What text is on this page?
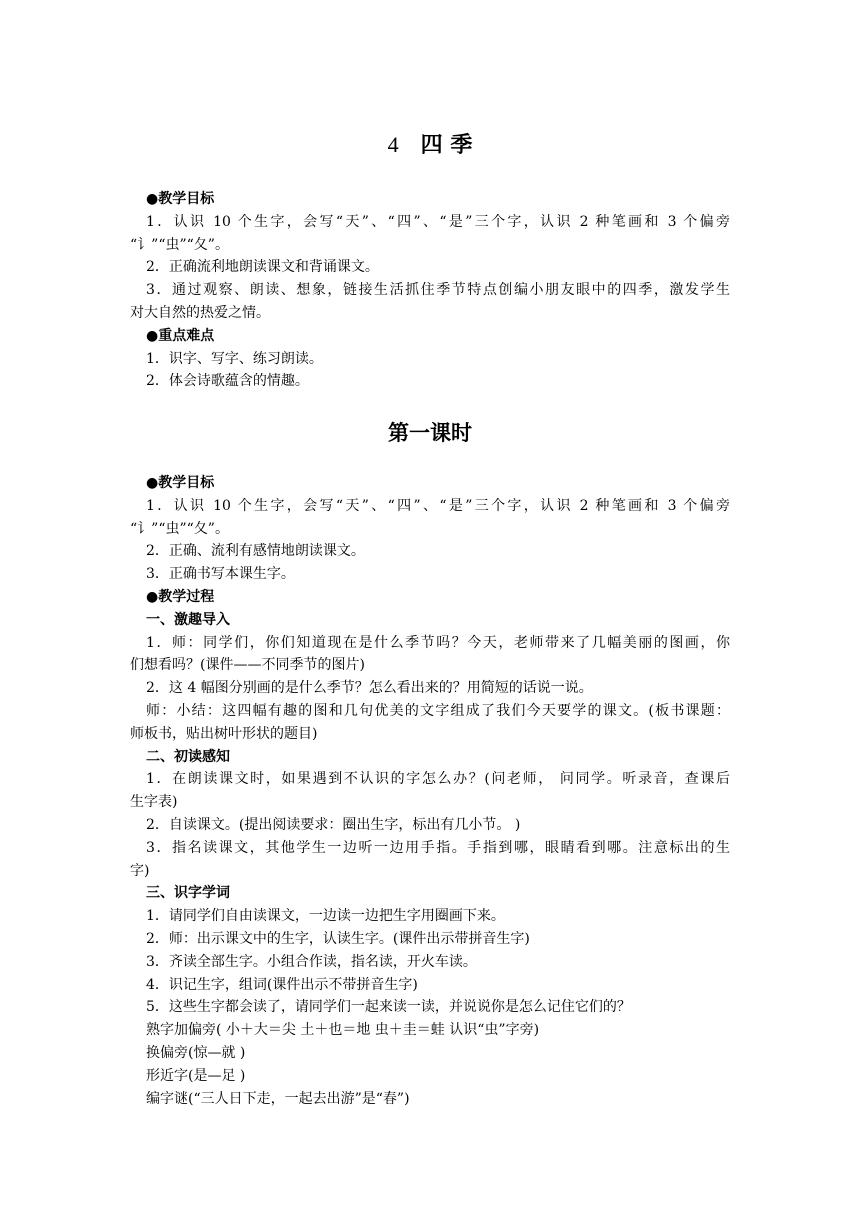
4 四 季
●教学目标
1．认识 10 个生字，会写“天”、“四”、“是”三个字，认识 2 种笔画和 3 个偏旁
“讠”“虫”“夂”。
2．正确流利地朗读课文和背诵课文。
3．通过观察、朗读、想象，链接生活抓住季节特点创编小朋友眼中的四季，激发学生
对大自然的热爱之情。
●重点难点
1．识字、写字、练习朗读。
2．体会诗歌蕴含的情趣。
第一课时
●教学目标
1．认识 10 个生字，会写“天”、“四”、“是”三个字，认识 2 种笔画和 3 个偏旁
“讠”“虫”“夂”。
2．正确、流利有感情地朗读课文。
3．正确书写本课生字。
●教学过程
一、激趣导入
1．师：同学们，你们知道现在是什么季节吗？今天，老师带来了几幅美丽的图画，你
们想看吗？(课件——不同季节的图片)
2．这 4 幅图分别画的是什么季节？怎么看出来的？用简短的话说一说。
师：小结：这四幅有趣的图和几句优美的文字组成了我们今天要学的课文。(板书课题：
师板书，贴出树叶形状的题目)
二、初读感知
1．在朗读课文时，如果遇到不认识的字怎么办？(问老师， 问同学。听录音，查课后
生字表)
2．自读课文。(提出阅读要求：圈出生字，标出有几小节。 )
3．指名读课文，其他学生一边听一边用手指。手指到哪，眼睛看到哪。注意标出的生
字)
三、识字学词
1．请同学们自由读课文，一边读一边把生字用圈画下来。
2．师：出示课文中的生字，认读生字。(课件出示带拼音生字)
3．齐读全部生字。小组合作读，指名读，开火车读。
4．识记生字，组词(课件出示不带拼音生字)
5．这些生字都会读了，请同学们一起来读一读，并说说你是怎么记住它们的？
熟字加偏旁( 小＋大＝尖 土＋也＝地 虫＋圭＝蛙 认识“虫”字旁)
换偏旁(惊—就 )
形近字(是—足 )
编字谜(“三人日下走，一起去出游”是“春”)
